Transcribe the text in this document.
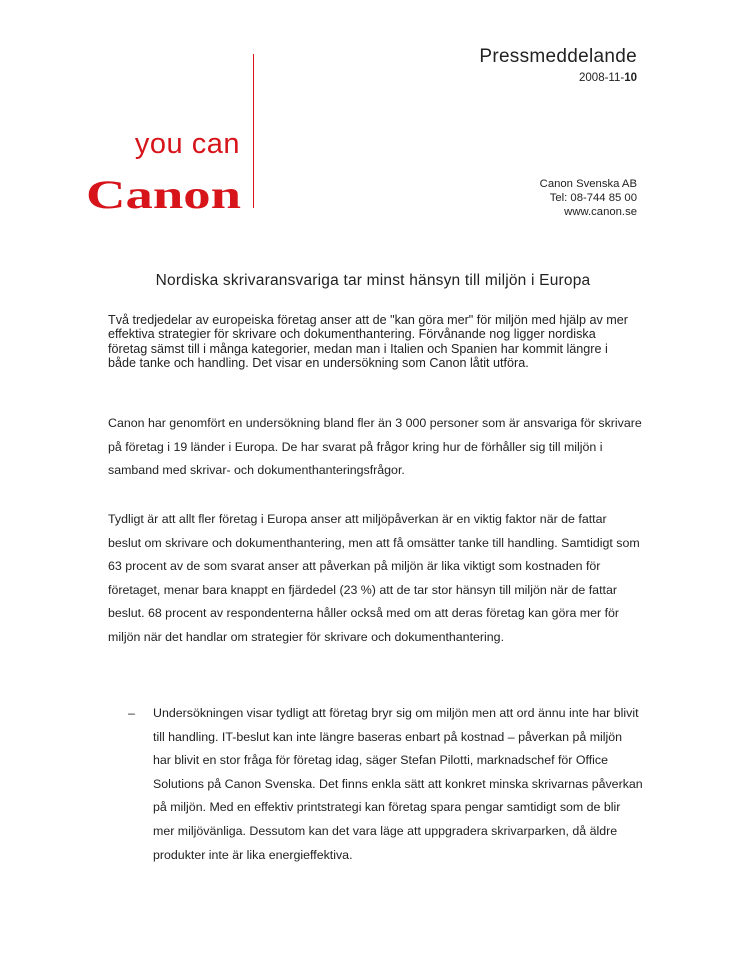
Pressmeddelande
2008-11-10
you can
Canon	Canon Svenska AB
Tel: 08-744 85 00
www.canon.se
Nordiska skrivaransvariga tar minst hänsyn till miljön i Europa

Två tredjedelar av europeiska företag anser att de "kan göra mer" för miljön med hjälp av mer effektiva strategier för skrivare och dokumenthantering. Förvånande nog ligger nordiska företag sämst till i många kategorier, medan man i Italien och Spanien har kommit längre i både tanke och handling. Det visar en undersökning som Canon låtit utföra.

Canon har genomfört en undersökning bland fler än 3 000 personer som är ansvariga för skrivare på företag i 19 länder i Europa. De har svarat på frågor kring hur de förhåller sig till miljön i samband med skrivar- och dokumenthanteringsfrågor.

Tydligt är att allt fler företag i Europa anser att miljöpåverkan är en viktig faktor när de fattar beslut om skrivare och dokumenthantering, men att få omsätter tanke till handling. Samtidigt som 63 procent av de som svarat anser att påverkan på miljön är lika viktigt som kostnaden för företaget, menar bara knappt en fjärdedel (23 %) att de tar stor hänsyn till miljön när de fattar beslut. 68 procent av respondenterna håller också med om att deras företag kan göra mer för miljön när det handlar om strategier för skrivare och dokumenthantering.

– Undersökningen visar tydligt att företag bryr sig om miljön men att ord ännu inte har blivit till handling. IT-beslut kan inte längre baseras enbart på kostnad – påverkan på miljön har blivit en stor fråga för företag idag, säger Stefan Pilotti, marknadschef för Office Solutions på Canon Svenska. Det finns enkla sätt att konkret minska skrivarnas påverkan på miljön. Med en effektiv printstrategi kan företag spara pengar samtidigt som de blir mer miljövänliga. Dessutom kan det vara läge att uppgradera skrivarparken, då äldre produkter inte är lika energieffektiva.
